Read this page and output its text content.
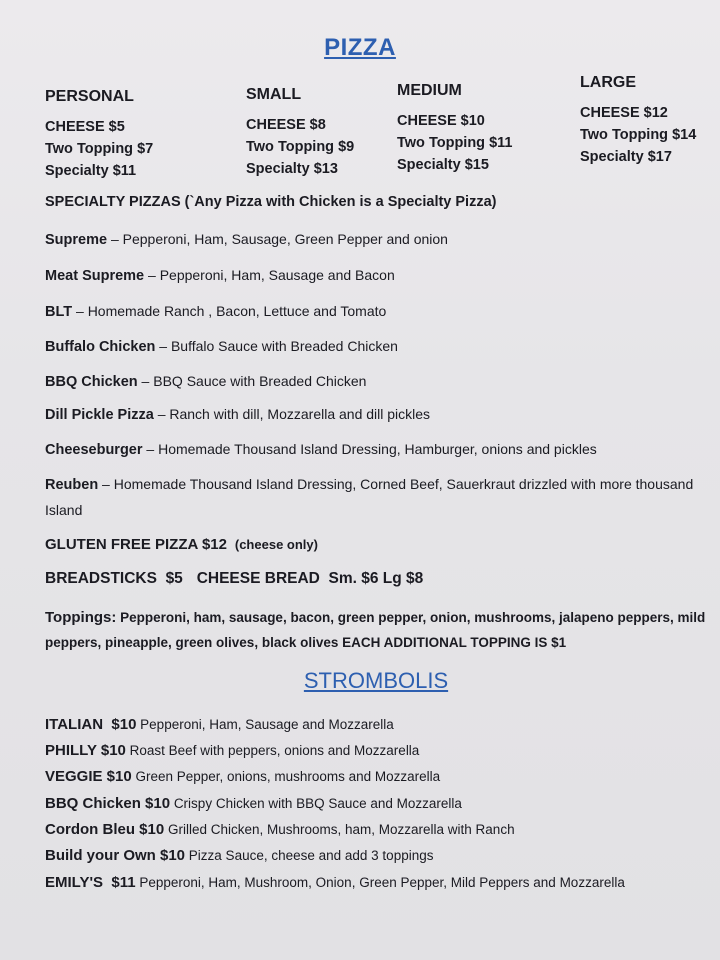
PIZZA
PERSONAL
CHEESE $5
Two Topping $7
Specialty $11
SMALL
CHEESE $8
Two Topping $9
Specialty $13
MEDIUM
CHEESE $10
Two Topping $11
Specialty $15
LARGE
CHEESE $12
Two Topping $14
Specialty $17
SPECIALTY PIZZAS (`Any Pizza with Chicken is a Specialty Pizza)
Supreme – Pepperoni, Ham, Sausage, Green Pepper and onion
Meat Supreme – Pepperoni, Ham, Sausage and Bacon
BLT – Homemade Ranch , Bacon, Lettuce and Tomato
Buffalo Chicken – Buffalo Sauce with Breaded Chicken
BBQ Chicken – BBQ Sauce with Breaded Chicken
Dill Pickle Pizza – Ranch with dill, Mozzarella and dill pickles
Cheeseburger – Homemade Thousand Island Dressing, Hamburger, onions and pickles
Reuben – Homemade Thousand Island Dressing, Corned Beef, Sauerkraut drizzled with more thousand Island
GLUTEN FREE PIZZA $12 (cheese only)
BREADSTICKS  $5 CHEESE BREAD  Sm. $6 Lg $8
Toppings: Pepperoni, ham, sausage, bacon, green pepper, onion, mushrooms, jalapeno peppers, mild peppers, pineapple, green olives, black olives EACH ADDITIONAL TOPPING IS $1
STROMBOLIS
ITALIAN  $10 Pepperoni, Ham, Sausage and Mozzarella
PHILLY $10 Roast Beef with peppers, onions and Mozzarella
VEGGIE $10 Green Pepper, onions, mushrooms and Mozzarella
BBQ Chicken $10 Crispy Chicken with BBQ Sauce and Mozzarella
Cordon Bleu $10 Grilled Chicken, Mushrooms, ham, Mozzarella with Ranch
Build your Own $10 Pizza Sauce, cheese and add 3 toppings
EMILY'S  $11 Pepperoni, Ham, Mushroom, Onion, Green Pepper, Mild Peppers and Mozzarella
